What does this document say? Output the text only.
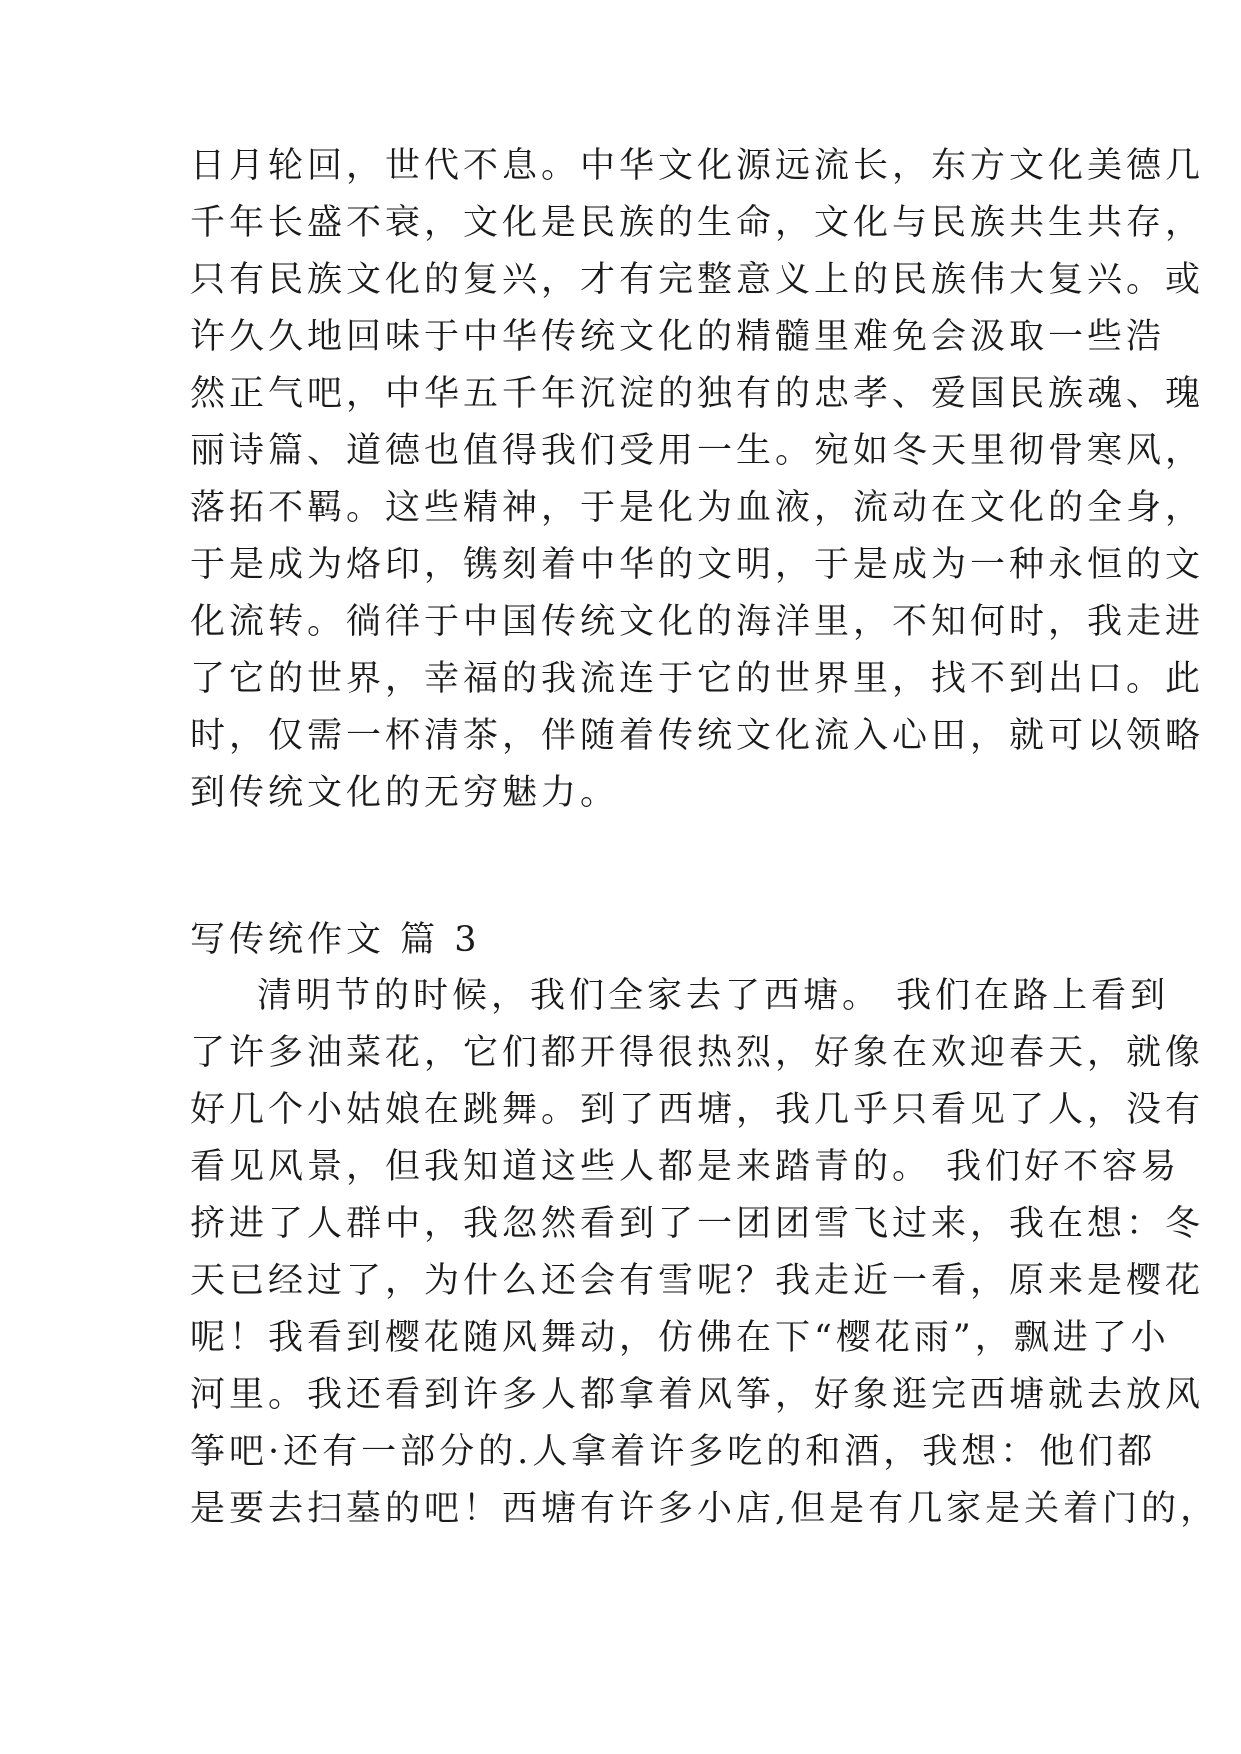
日月轮回，世代不息。中华文化源远流长，东方文化美德几
千年长盛不衰，文化是民族的生命，文化与民族共生共存，
只有民族文化的复兴，才有完整意义上的民族伟大复兴。或
许久久地回味于中华传统文化的精髓里难免会汲取一些浩
然正气吧，中华五千年沉淀的独有的忠孝、爱国民族魂、瑰
丽诗篇、道德也值得我们受用一生。宛如冬天里彻骨寒风，
落拓不羁。这些精神，于是化为血液，流动在文化的全身，
于是成为烙印，镌刻着中华的文明，于是成为一种永恒的文
化流转。徜徉于中国传统文化的海洋里，不知何时，我走进
了它的世界，幸福的我流连于它的世界里，找不到出口。此
时，仅需一杯清茶，伴随着传统文化流入心田，就可以领略
到传统文化的无穷魅力。
写传统作文 篇 3
清明节的时候，我们全家去了西塘。 我们在路上看到
了许多油菜花，它们都开得很热烈，好象在欢迎春天，就像
好几个小姑娘在跳舞。到了西塘，我几乎只看见了人，没有
看见风景，但我知道这些人都是来踏青的。 我们好不容易
挤进了人群中，我忽然看到了一团团雪飞过来，我在想：冬
天已经过了，为什么还会有雪呢？我走近一看，原来是樱花
呢！我看到樱花随风舞动，仿佛在下“樱花雨”，飘进了小
河里。我还看到许多人都拿着风筝，好象逛完西塘就去放风
筝吧·还有一部分的.人拿着许多吃的和酒，我想：他们都
是要去扫墓的吧！西塘有许多小店,但是有几家是关着门的，
